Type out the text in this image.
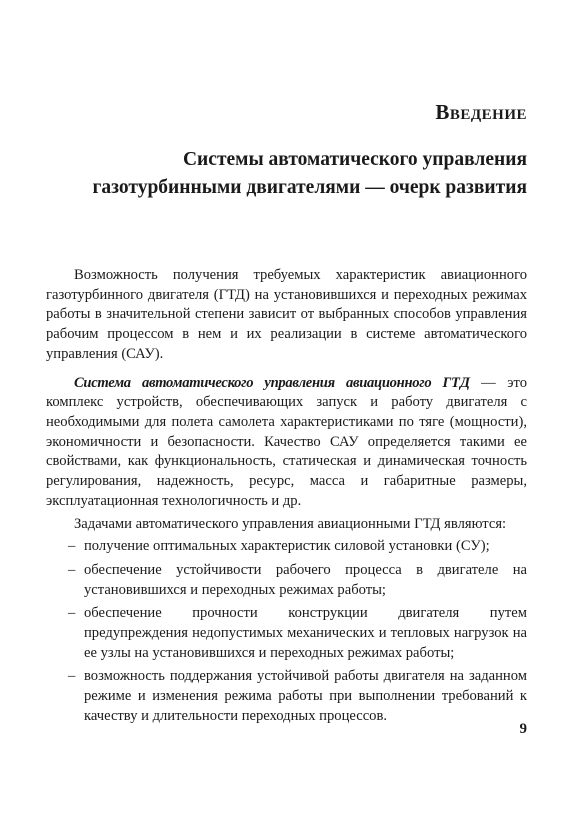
Введение
Системы автоматического управления газотурбинными двигателями — очерк развития

Возможность получения требуемых характеристик авиационного газотурбинного двигателя (ГТД) на установившихся и переходных режимах работы в значительной степени зависит от выбранных способов управления рабочим процессом в нем и их реализации в системе автоматического управления (САУ).

Система автоматического управления авиационного ГТД — это комплекс устройств, обеспечивающих запуск и работу двигателя с необходимыми для полета самолета характеристиками по тяге (мощности), экономичности и безопасности. Качество САУ определяется такими ее свойствами, как функциональность, статическая и динамическая точность регулирования, надежность, ресурс, масса и габаритные размеры, эксплуатационная технологичность и др.

Задачами автоматического управления авиационными ГТД являются:

– получение оптимальных характеристик силовой установки (СУ);
– обеспечение устойчивости рабочего процесса в двигателе на установившихся и переходных режимах работы;
– обеспечение прочности конструкции двигателя путем предупреждения недопустимых механических и тепловых нагрузок на ее узлы на установившихся и переходных режимах работы;
– возможность поддержания устойчивой работы двигателя на заданном режиме и изменения режима работы при выполнении требований к качеству и длительности переходных процессов.

9
